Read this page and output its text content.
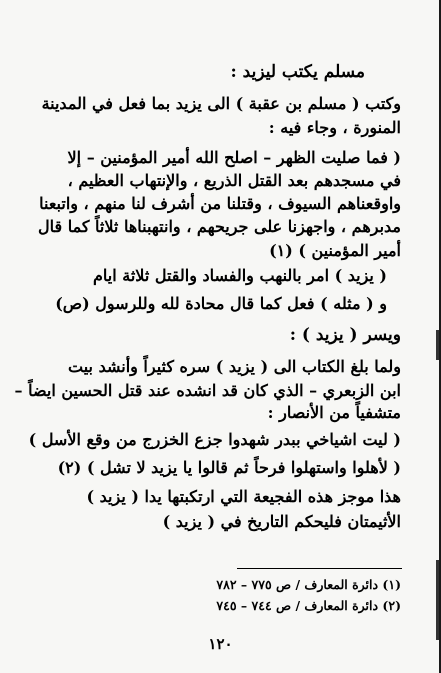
مسلم يكتب ليزيد :
وكتب ( مسلم بن عقبة ) الى يزيد بما فعل في المدينة
المنورة ، وجاء فيه :
( فما صليت الظهر – اصلح الله أمير المؤمنين – إلا
في مسجدهم بعد القتل الذريع ، والإنتهاب العظيم ،
واوقعناهم السيوف ، وقتلنا من أشرف لنا منهم ، واتبعنا
مدبرهم ، واجهزنا على جريحهم ، وانتهبناها ثلاثاً كما قال
أمير المؤمنين ) (١)
( يزيد ) امر بالنهب والفساد والقتل ثلاثة ايام
و ( مثله ) فعل كما قال محادة لله وللرسول (ص)
ويسر ( يزيد ) :
ولما بلغ الكتاب الى ( يزيد ) سره كثيراً وأنشد بيت
ابن الزبعري – الذي كان قد انشده عند قتل الحسين ايضاً –
متشفياً من الأنصار :
( ليت اشياخي ببدر شهدوا جزع الخزرج من وقع الأسل )
( لأهلوا واستهلوا فرحاً ثم قالوا يا يزيد لا تشل ) (٢)
هذا موجز هذه الفجيعة التي ارتكبتها يدا ( يزيد )
الأثيمتان فليحكم التاريخ في ( يزيد )
(١) دائرة المعارف / ص ٧٧٥ – ٧٨٢
(٢) دائرة المعارف / ص ٧٤٤ – ٧٤٥
١٢٠
